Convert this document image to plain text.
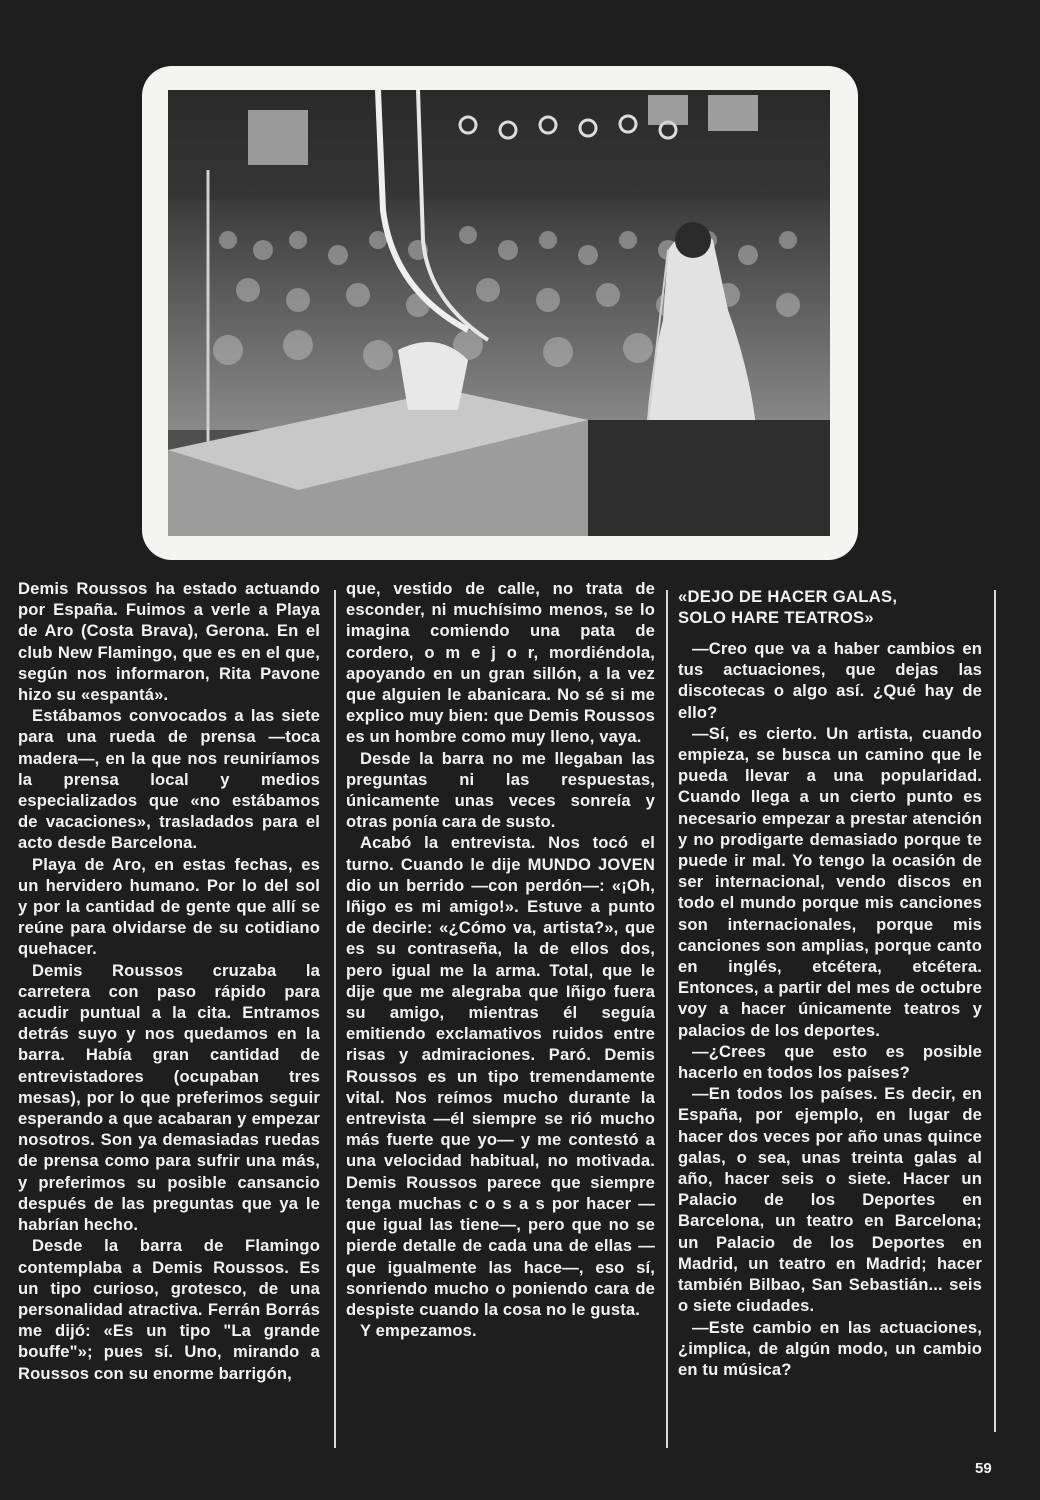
Demis Roussos ha estado actuando por España. Fuimos a verle a Playa de Aro (Costa Brava), Gerona. En el club New Flamingo, que es en el que, según nos informaron, Rita Pavone hizo su «espantá».

Estábamos convocados a las siete para una rueda de prensa —toca madera—, en la que nos reuniríamos la prensa local y medios especializados que «no estábamos de vacaciones», trasladados para el acto desde Barcelona.

Playa de Aro, en estas fechas, es un hervidero humano. Por lo del sol y por la cantidad de gente que allí se reúne para olvidarse de su cotidiano quehacer.

Demis Roussos cruzaba la carretera con paso rápido para acudir puntual a la cita. Entramos detrás suyo y nos quedamos en la barra. Había gran cantidad de entrevistadores (ocupaban tres mesas), por lo que preferimos seguir esperando a que acabaran y empezar nosotros. Son ya demasiadas ruedas de prensa como para sufrir una más, y preferimos su posible cansancio después de las preguntas que ya le habrían hecho.

Desde la barra de Flamingo contemplaba a Demis Roussos. Es un tipo curioso, grotesco, de una personalidad atractiva. Ferrán Borrás me dijó: «Es un tipo "La grande bouffe"»; pues sí. Uno, mirando a Roussos con su enorme barrigón,

que, vestido de calle, no trata de esconder, ni muchísimo menos, se lo imagina comiendo una pata de cordero, o m e j o r, mordiéndola, apoyando en un gran sillón, a la vez que alguien le abanicara. No sé si me explico muy bien: que Demis Roussos es un hombre como muy lleno, vaya.

Desde la barra no me llegaban las preguntas ni las respuestas, únicamente unas veces sonreía y otras ponía cara de susto.

Acabó la entrevista. Nos tocó el turno. Cuando le dije MUNDO JOVEN dio un berrido —con perdón—: «¡Oh, Iñigo es mi amigo!». Estuve a punto de decirle: «¿Cómo va, artista?», que es su contraseña, la de ellos dos, pero igual me la arma. Total, que le dije que me alegraba que Iñigo fuera su amigo, mientras él seguía emitiendo exclamativos ruidos entre risas y admiraciones. Paró. Demis Roussos es un tipo tremendamente vital. Nos reímos mucho durante la entrevista —él siempre se rió mucho más fuerte que yo— y me contestó a una velocidad habitual, no motivada. Demis Roussos parece que siempre tenga muchas c o s a s por hacer —que igual las tiene—, pero que no se pierde detalle de cada una de ellas —que igualmente las hace—, eso sí, sonriendo mucho o poniendo cara de despiste cuando la cosa no le gusta.

Y empezamos.

«DEJO DE HACER GALAS,
SOLO HARE TEATROS»

—Creo que va a haber cambios en tus actuaciones, que dejas las discotecas o algo así. ¿Qué hay de ello?

—Sí, es cierto. Un artista, cuando empieza, se busca un camino que le pueda llevar a una popularidad. Cuando llega a un cierto punto es necesario empezar a prestar atención y no prodigarte demasiado porque te puede ir mal. Yo tengo la ocasión de ser internacional, vendo discos en todo el mundo porque mis canciones son internacionales, porque mis canciones son amplias, porque canto en inglés, etcétera, etcétera. Entonces, a partir del mes de octubre voy a hacer únicamente teatros y palacios de los deportes.

—¿Crees que esto es posible hacerlo en todos los países?

—En todos los países. Es decir, en España, por ejemplo, en lugar de hacer dos veces por año unas quince galas, o sea, unas treinta galas al año, hacer seis o siete. Hacer un Palacio de los Deportes en Barcelona, un teatro en Barcelona; un Palacio de los Deportes en Madrid, un teatro en Madrid; hacer también Bilbao, San Sebastián... seis o siete ciudades.

—Este cambio en las actuaciones, ¿implica, de algún modo, un cambio en tu música?

59
